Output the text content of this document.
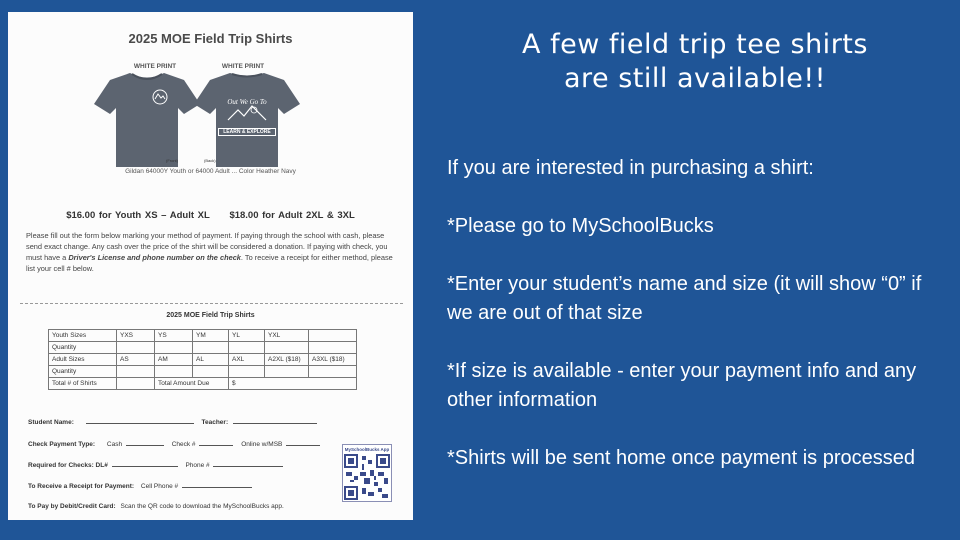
2025 MOE Field Trip Shirts
WHITE PRINT	WHITE PRINT
(Front)
Out We Go To
LEARN & EXPLORE
(Back)
Gildan 64000Y Youth or 64000 Adult ... Color Heather Navy
$16.00 for Youth XS – Adult XL $18.00 for Adult 2XL & 3XL
Please fill out the form below marking your method of payment. If paying through the school with cash, please send exact change. Any cash over the price of the shirt will be considered a donation. If paying with check, you must have a Driver's License and phone number on the check. To receive a receipt for either method, please list your cell # below.
2025 MOE Field Trip Shirts
Youth Sizes	YXS	YS	YM	YL	YXL	
Quantity						
Adult Sizes	AS	AM	AL	AXL	A2XL ($18)	A3XL ($18)
Quantity						
Total # of Shirts		Total Amount Due		$		
Student Name:	Teacher:
Check Payment Type: Cash	Check #	Online w/MSB
Required for Checks: DL#	Phone #
To Receive a Receipt for Payment: Cell Phone #
To Pay by Debit/Credit Card: Scan the QR code to download the MySchoolBucks app.
MySchoolBucks App
A few field trip tee shirts
are still available!!
If you are interested in purchasing a shirt:
*Please go to MySchoolBucks
*Enter your student’s name and size (it will show “0” if we are out of that size
*If size is available - enter your payment info and any other information
*Shirts will be sent home once payment is processed
